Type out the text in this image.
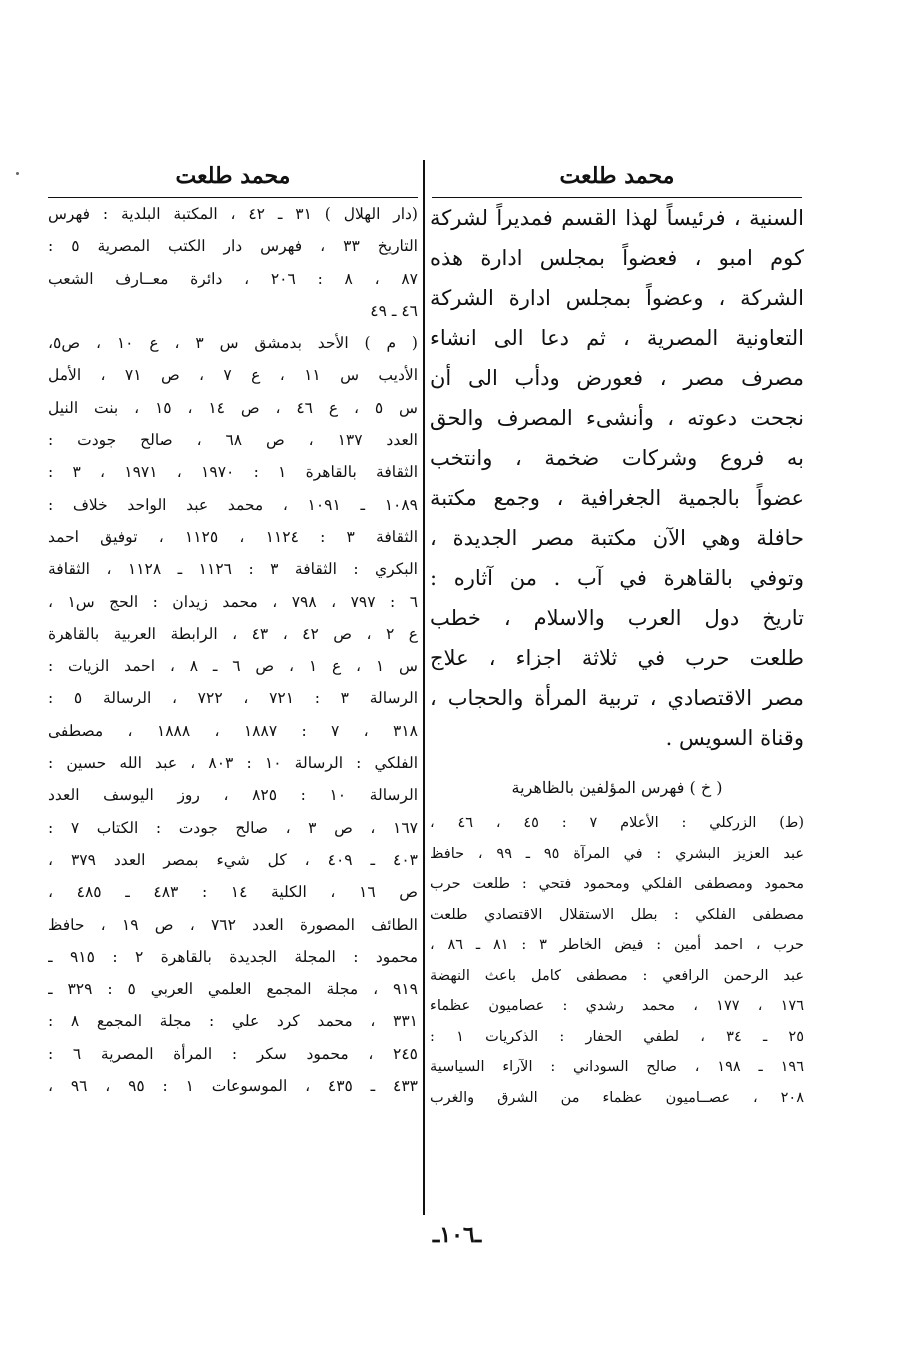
محمد طلعت
السنية ، فرئيساً لهذا القسم فمديراً لشركة
كوم امبو ، فعضواً بمجلس ادارة هذه
الشركة ، وعضواً بمجلس ادارة الشركة
التعاونية المصرية ، ثم دعا الى انشاء
مصرف مصر ، فعورض ودأب الى أن
نجحت دعوته ، وأنشىء المصرف والحق
به فروع وشركات ضخمة ، وانتخب
عضواً بالجمية الجغرافية ، وجمع مكتبة
حافلة وهي الآن مكتبة مصر الجديدة ،
وتوفي بالقاهرة في آب . من آثاره :
تاريخ دول العرب والاسلام ، خطب
طلعت حرب في ثلاثة اجزاء ، علاج
مصر الاقتصادي ، تربية المرأة والحجاب ،
وقناة السويس .
( خ ) فهرس المؤلفين بالظاهرية
(ط) الزركلي : الأعلام ٧ : ٤٥ ، ٤٦ ،
عبد العزيز البشري : في المرآة ٩٥ ـ ٩٩ ، حافظ
محمود ومصطفى الفلكي ومحمود فتحي : طلعت حرب
مصطفى الفلكي : بطل الاستقلال الاقتصادي طلعت
حرب ، احمد أمين : فيض الخاطر ٣ : ٨١ ـ ٨٦ ،
عبد الرحمن الرافعي : مصطفى كامل باعث النهضة
١٧٦ ، ١٧٧ ، محمد رشدي : عصاميون عظماء
٢٥ ـ ٣٤ ، لطفي الحفار : الذكريات ١ :
١٩٦ ـ ١٩٨ ، صالح السوداني : الآراء السياسية
٢٠٨ ، عصــاميون عظماء من الشرق والغرب
محمد طلعت
(دار الهلال ) ٣١ ـ ٤٢ ، المكتبة البلدية : فهرس
التاريخ ٣٣ ، فهرس دار الكتب المصرية ٥ :
٨٧ ، ٨ : ٢٠٦ ، دائرة معــارف الشعب
٤٦ ـ ٤٩
( م ) الأحد بدمشق س ٣ ، ع ١٠ ، ص٥،
الأديب س ١١ ، ع ٧ ، ص ٧١ ، الأمل
س ٥ ، ع ٤٦ ، ص ١٤ ، ١٥ ، بنت النيل
العدد ١٣٧ ، ص ٦٨ ، صالح جودت :
الثقافة بالقاهرة ١ : ١٩٧٠ ، ١٩٧١ ، ٣ :
١٠٨٩ ـ ١٠٩١ ، محمد عبد الواحد خلاف :
الثقافة ٣ : ١١٢٤ ، ١١٢٥ ، توفيق احمد
البكري : الثقافة ٣ : ١١٢٦ ـ ١١٢٨ ، الثقافة
٦ : ٧٩٧ ، ٧٩٨ ، محمد زيدان : الحج س١ ،
ع ٢ ، ص ٤٢ ، ٤٣ ، الرابطة العربية بالقاهرة
س ١ ، ع ١ ، ص ٦ ـ ٨ ، احمد الزيات :
الرسالة ٣ : ٧٢١ ، ٧٢٢ ، الرسالة ٥ :
٣١٨ ، ٧ : ١٨٨٧ ، ١٨٨٨ ، مصطفى
الفلكي : الرسالة ١٠ : ٨٠٣ ، عبد الله حسين :
الرسالة ١٠ : ٨٢٥ ، روز اليوسف العدد
١٦٧ ، ص ٣ ، صالح جودت : الكتاب ٧ :
٤٠٣ ـ ٤٠٩ ، كل شيء بمصر العدد ٣٧٩ ،
ص ١٦ ، الكلية ١٤ : ٤٨٣ ـ ٤٨٥ ،
الطائف المصورة العدد ٧٦٢ ، ص ١٩ ، حافظ
محمود : المجلة الجديدة بالقاهرة ٢ : ٩١٥ ـ
٩١٩ ، مجلة المجمع العلمي العربي ٥ : ٣٢٩ ـ
٣٣١ ، محمد كرد علي : مجلة المجمع ٨ :
٢٤٥ ، محمود سكر : المرأة المصرية ٦ :
٤٣٣ ـ ٤٣٥ ، الموسوعات ١ : ٩٥ ، ٩٦ ،
ـ١٠٦ـ
